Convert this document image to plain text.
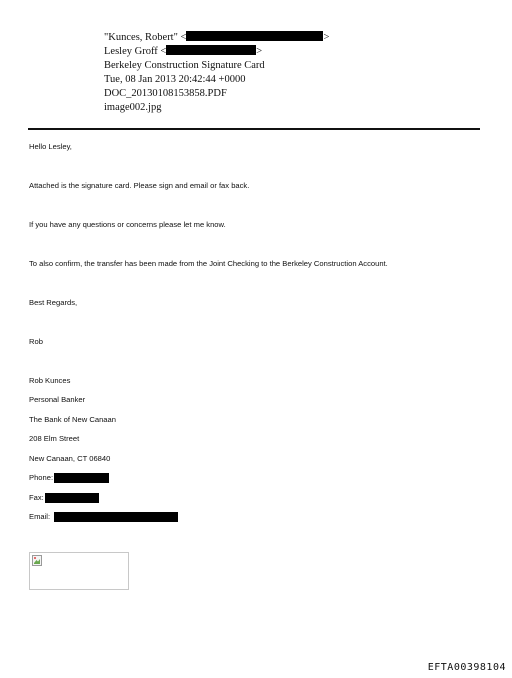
"Kunces, Robert" <	>
Lesley Groff <	>
Berkeley Construction Signature Card
Tue, 08 Jan 2013 20:42:44 +0000
DOC_20130108153858.PDF
image002.jpg
Hello Lesley,
Attached is the signature card. Please sign and email or fax back.
If you have any questions or concerns please let me know.
To also confirm, the transfer has been made from the Joint Checking to the Berkeley Construction Account.
Best Regards,
Rob
Rob Kunces
Personal Banker
The Bank of New Canaan
208 Elm Street
New Canaan, CT 06840
Phone:
Fax:
Email:
EFTA00398104
